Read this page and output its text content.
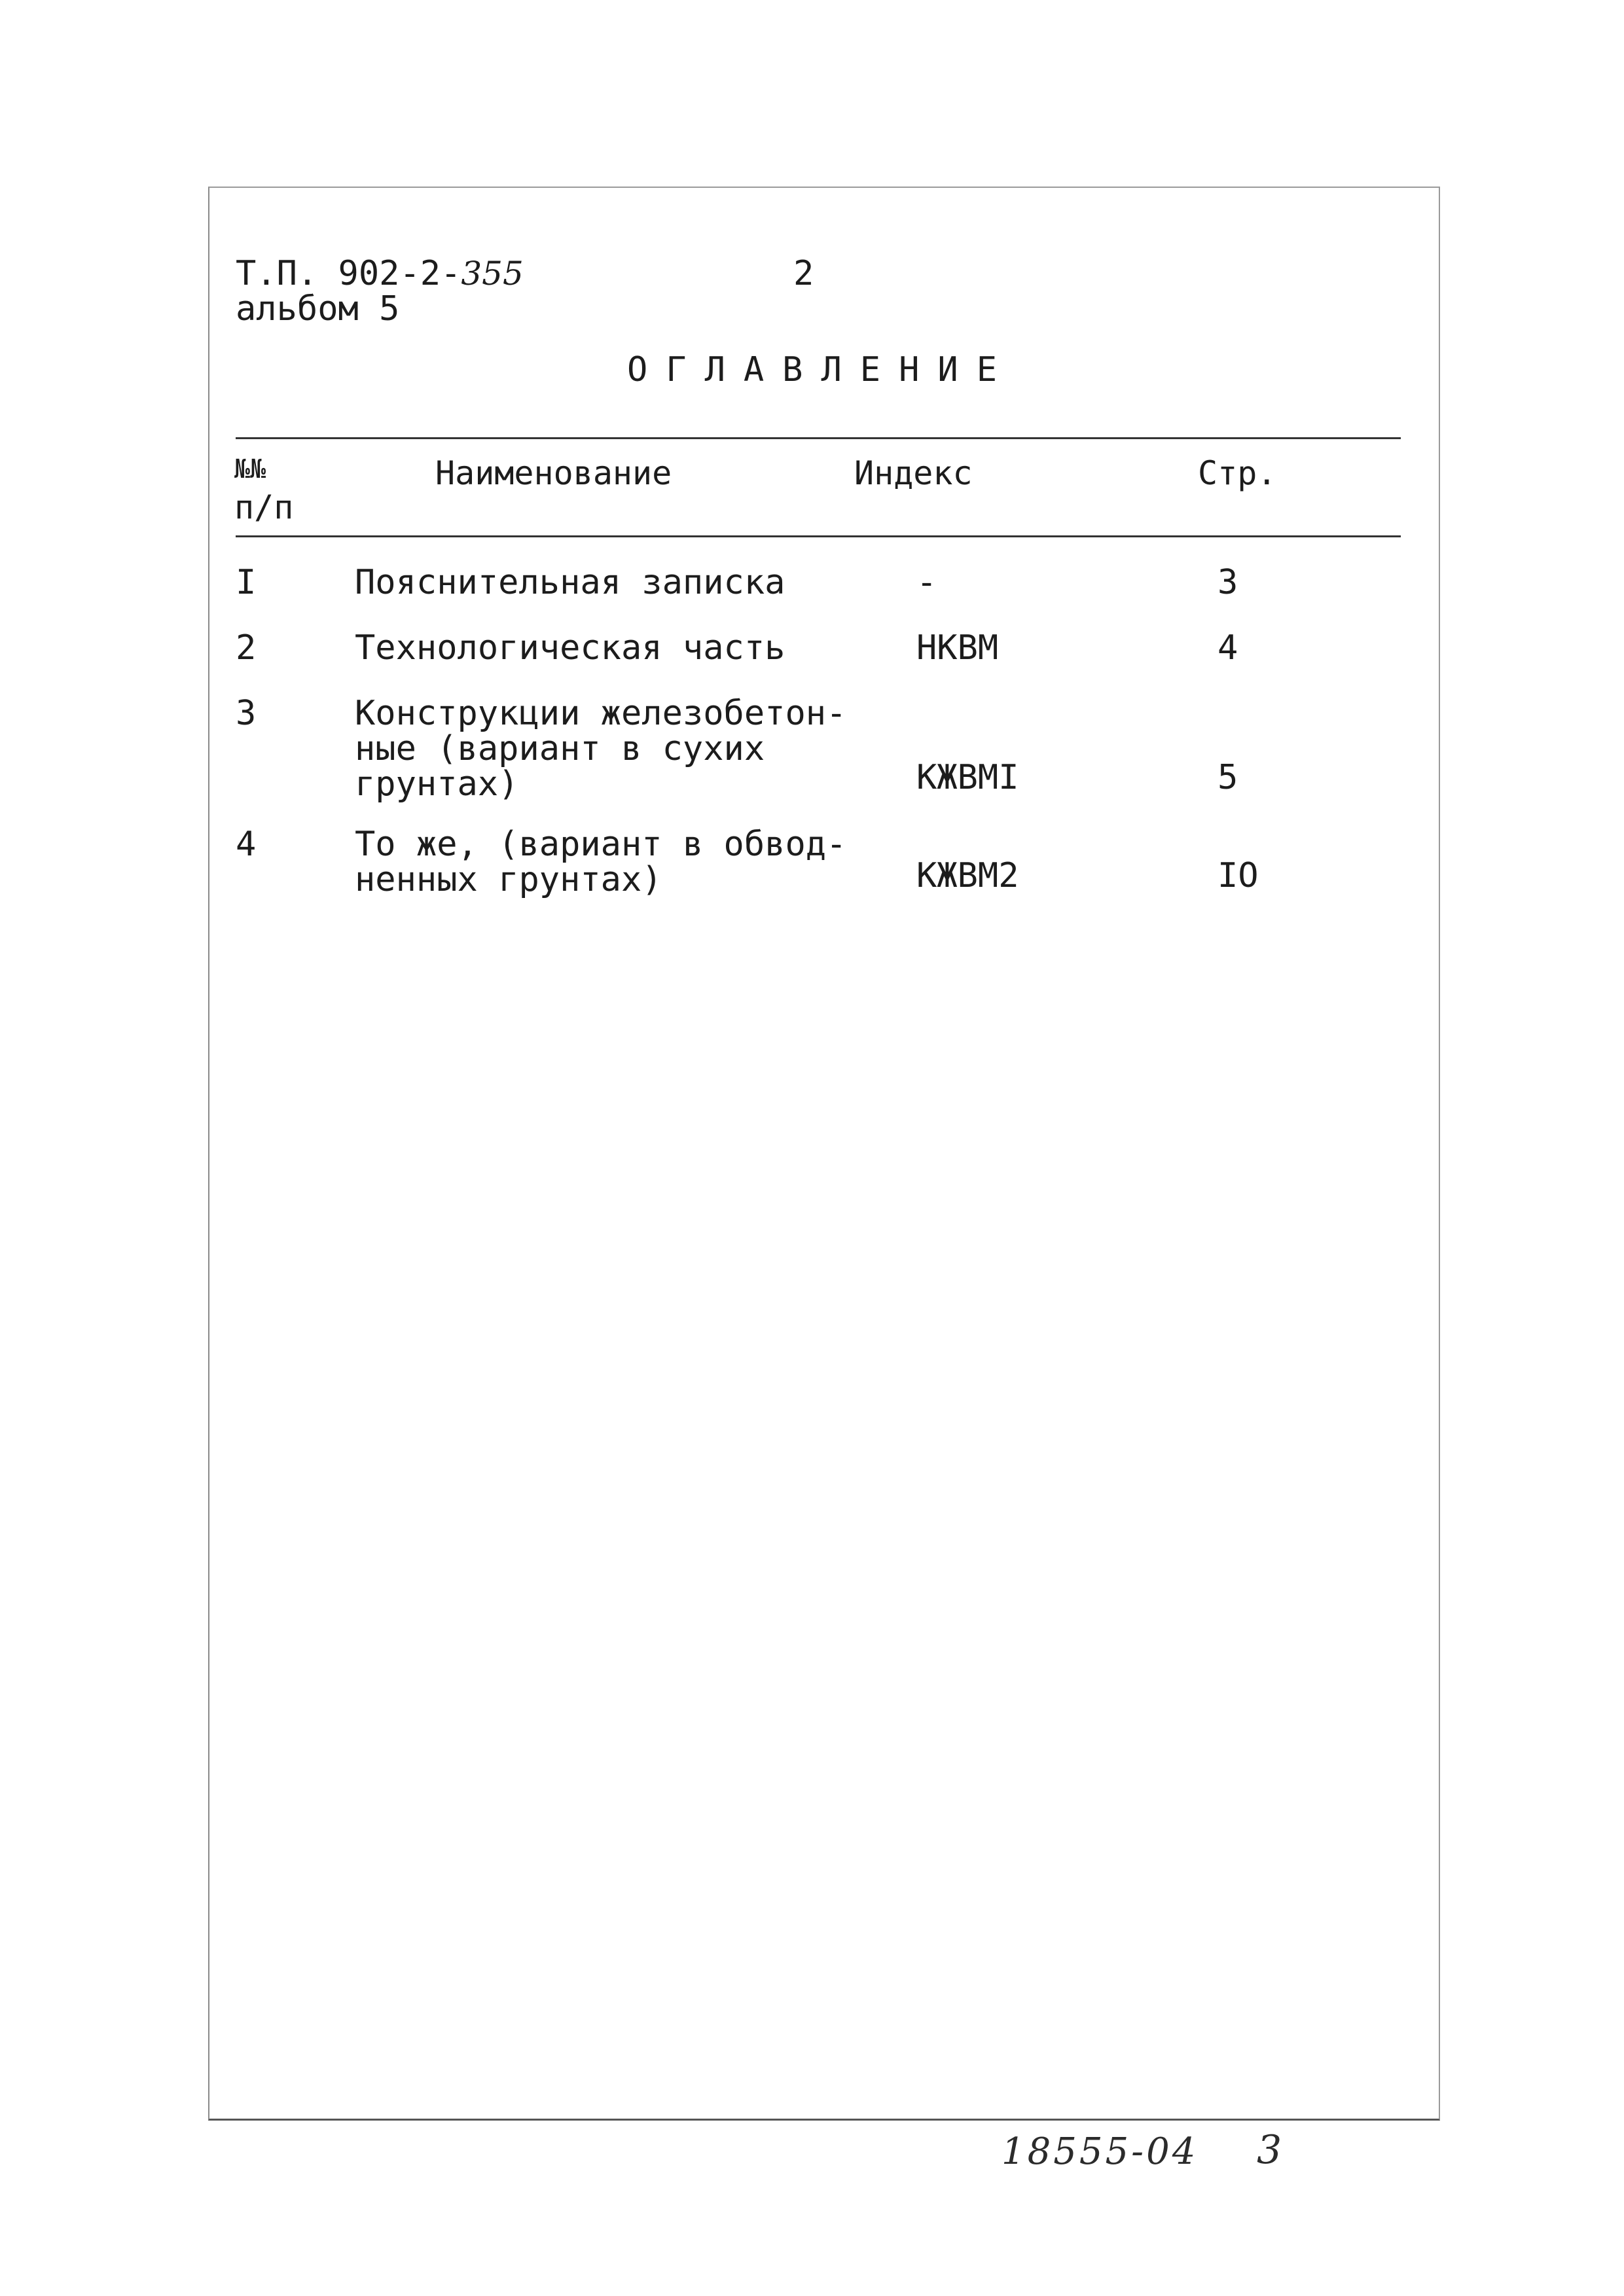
Т.П. 902-2-355	2
альбом 5
ОГЛАВЛЕНИЕ
№№
п/п
Наименование	Индекс	Стр.
I	Пояснительная записка	-	3
2	Технологическая часть	НКВМ	4
3	Конструкции железобетон-
ные (вариант в сухих
грунтах)	КЖВМI	5
4	То же, (вариант в обвод-
ненных грунтах)	КЖВМ2	IO
18555-04 3
